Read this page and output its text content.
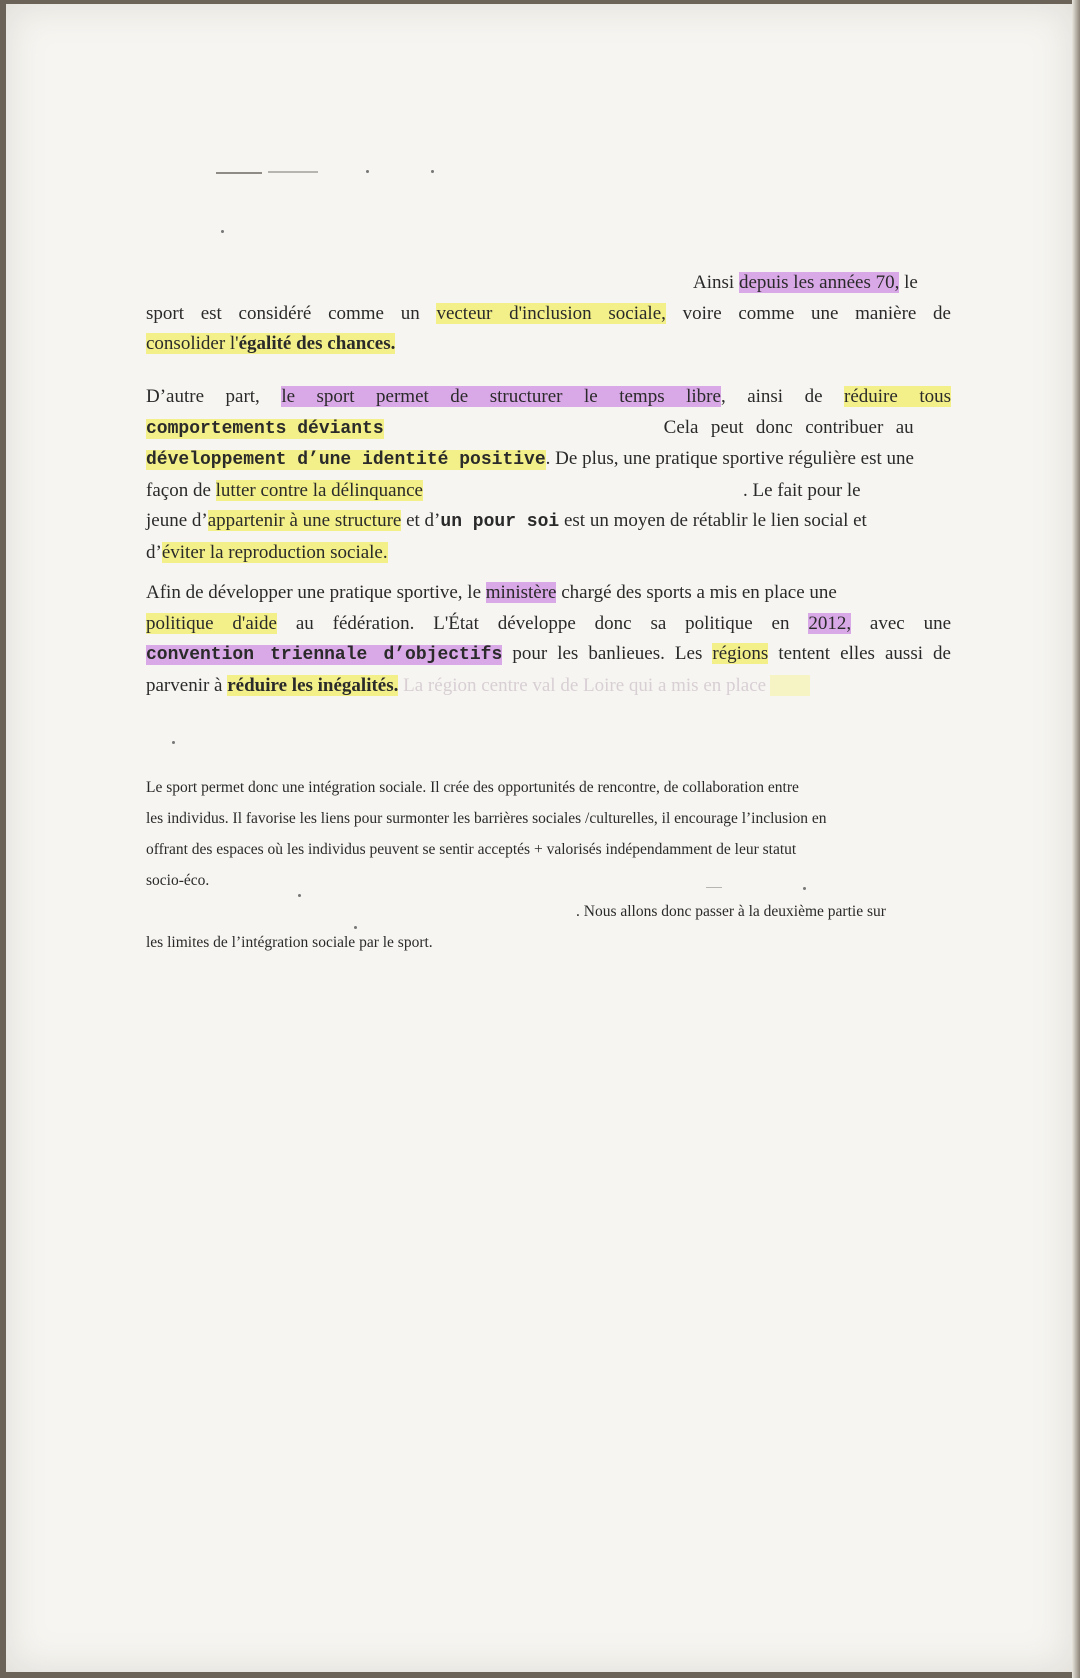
Ainsi depuis les années 70, le
sport est considéré comme un vecteur d'inclusion sociale, voire comme une manière de
consolider l'égalité des chances.
D’autre part, le sport permet de structurer le temps libre, ainsi de réduire tous
comportements déviants	Cela peut donc contribuer au
développement d’une identité positive. De plus, une pratique sportive régulière est une
façon de lutter contre la délinquance	. Le fait pour le
jeune d’appartenir à une structure et d’un pour soi est un moyen de rétablir le lien social et
d’éviter la reproduction sociale.
Afin de développer une pratique sportive, le ministère chargé des sports a mis en place une
politique d'aide au fédération. L'État développe donc sa politique en 2012, avec une
convention triennale d’objectifs pour les banlieues. Les régions tentent elles aussi de
parvenir à réduire les inégalités. La région centre val de Loire qui a mis en place Yulia
Le sport permet donc une intégration sociale. Il crée des opportunités de rencontre, de collaboration entre
les individus. Il favorise les liens pour surmonter les barrières sociales /culturelles, il encourage l’inclusion en
offrant des espaces où les individus peuvent se sentir acceptés + valorisés indépendamment de leur statut
socio-éco.
. Nous allons donc passer à la deuxième partie sur
les limites de l’intégration sociale par le sport.
